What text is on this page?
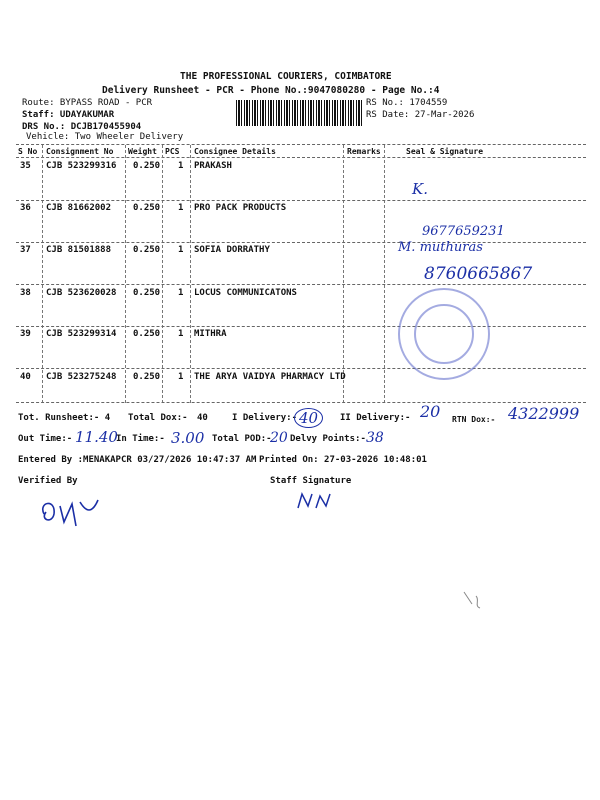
THE PROFESSIONAL COURIERS, COIMBATORE
Delivery Runsheet - PCR - Phone No.:9047080280 - Page No.:4
Route: BYPASS ROAD - PCR
Staff: UDAYAKUMAR
DRS No.: DCJB170455904
Vehicle: Two Wheeler Delivery
RS No.: 1704559
RS Date: 27-Mar-2026
S No Consignment No Weight PCS Consignee Details	Remarks	Seal & Signature
35 CJB 523299316 0.250 1 PRAKASH
36 CJB 81662002 0.250 1 PRO PACK PRODUCTS
37 CJB 81501888 0.250 1 SOFIA DORRATHY
38 CJB 523620028 0.250 1 LOCUS COMMUNICATONS
39 CJB 523299314 0.250 1 MITHRA
40 CJB 523275248 0.250 1 THE ARYA VAIDYA PHARMACY LTD
K.
9677659231
M. muthuras
8760665867
Tot. Runsheet:- 4 Total Dox:- 40	I Delivery:- 40	II Delivery:- 20 RTN Dox:- 4322999
Out Time:- 11.40
In Time:- 3.00 Total POD:-
20 Delvy Points:- 38
Entered By :MENAKAPCR 03/27/2026 10:47:37 AM Printed On: 27-03-2026 10:48:01
Verified By	Staff Signature
